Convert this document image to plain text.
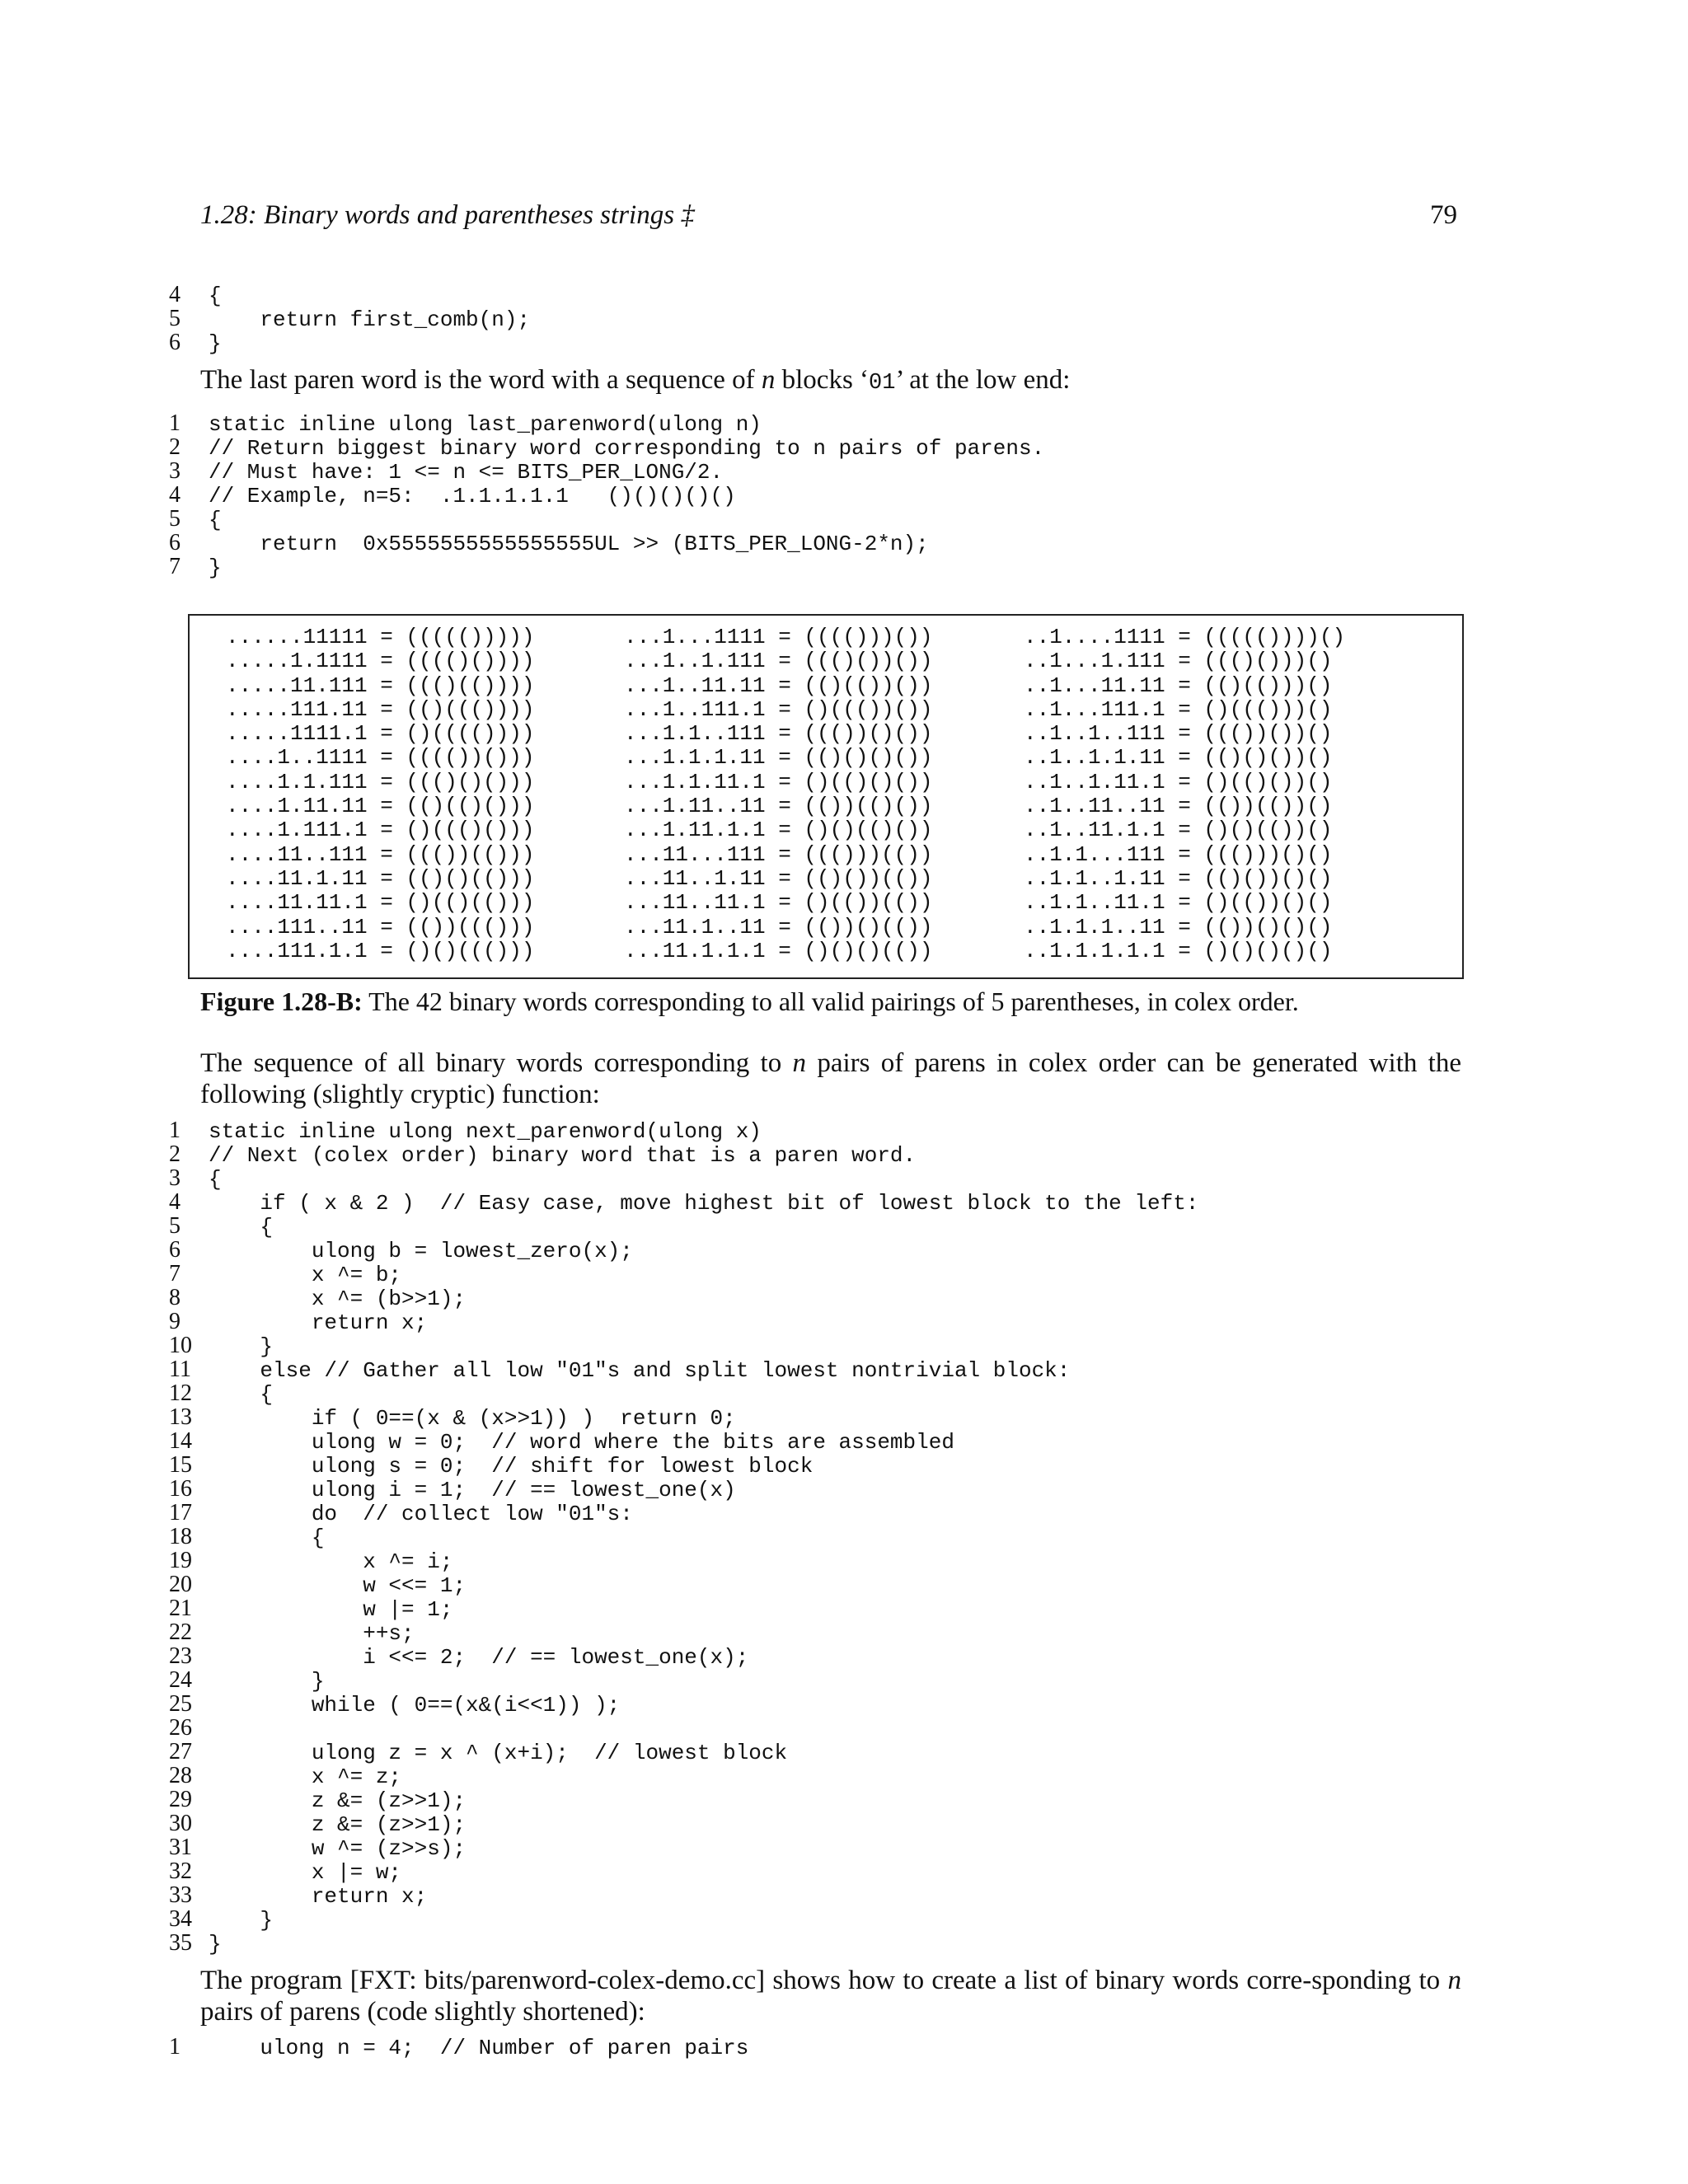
1.28: Binary words and parentheses strings ‡	79
4 {
5    return first_comb(n);
6 }
The last paren word is the word with a sequence of n blocks ‘01’ at the low end:
1 static inline ulong last_parenword(ulong n)
2 // Return biggest binary word corresponding to n pairs of parens.
3 // Must have: 1 <= n <= BITS_PER_LONG/2.
4 // Example, n=5:  .1.1.1.1.1   ()()()()()
5 {
6    return  0x5555555555555555UL >> (BITS_PER_LONG-2*n);
7 }
......11111 = ((((()))))
.....1.1111 = (((()())))
.....11.111 = ((()(())))
.....111.11 = (()((())))
.....1111.1 = ()(((())))
....1..1111 = (((())()))
....1.1.111 = ((()()()))
....1.11.11 = (()(()()))
....1.111.1 = ()((()()))
....11..111 = ((())(()))
....11.1.11 = (()()(()))
....11.11.1 = ()(()(()))
....111..11 = (())((()))
....111.1.1 = ()()((()))
...1...1111 = (((()))())
...1..1.111 = ((()())())
...1..11.11 = (()(())())
...1..111.1 = ()((())())
...1.1..111 = ((())()())
...1.1.1.11 = (()()()())
...1.1.11.1 = ()(()()())
...1.11..11 = (())(()())
...1.11.1.1 = ()()(()())
...11...111 = ((()))(())
...11..1.11 = (()())(())
...11..11.1 = ()(())(())
...11.1..11 = (())()(())
...11.1.1.1 = ()()()(())
..1....1111 = ((((())))()
..1...1.111 = ((()()))()
..1...11.11 = (()(()))()
..1...111.1 = ()((()))()
..1..1..111 = ((())())()
..1..1.1.11 = (()()())()
..1..1.11.1 = ()(()())()
..1..11..11 = (())(())()
..1..11.1.1 = ()()(())()
..1.1...111 = ((()))()()
..1.1..1.11 = (()())()()
..1.1..11.1 = ()(())()()
..1.1.1..11 = (())()()()
..1.1.1.1.1 = ()()()()()
Figure 1.28-B: The 42 binary words corresponding to all valid pairings of 5 parentheses, in colex order.
The sequence of all binary words corresponding to n pairs of parens in colex order can be generated with the following (slightly cryptic) function:
1 static inline ulong next_parenword(ulong x)
2 // Next (colex order) binary word that is a paren word.
3 {
4    if ( x & 2 )  // Easy case, move highest bit of lowest block to the left:
5    {
6        ulong b = lowest_zero(x);
7        x ^= b;
8        x ^= (b>>1);
9        return x;
10    }
11    else // Gather all low "01"s and split lowest nontrivial block:
12    {
13        if ( 0==(x & (x>>1)) )  return 0;
14        ulong w = 0;  // word where the bits are assembled
15        ulong s = 0;  // shift for lowest block
16        ulong i = 1;  // == lowest_one(x)
17        do  // collect low "01"s:
18        {
19            x ^= i;
20            w <<= 1;
21            w |= 1;
22            ++s;
23            i <<= 2;  // == lowest_one(x);
24        }
25        while ( 0==(x&(i<<1)) );
26
27        ulong z = x ^ (x+i);  // lowest block
28        x ^= z;
29        z &= (z>>1);
30        z &= (z>>1);
31        w ^= (z>>s);
32        x |= w;
33        return x;
34    }
35 }
The program [FXT: bits/parenword-colex-demo.cc] shows how to create a list of binary words corre-sponding to n pairs of parens (code slightly shortened):
1    ulong n = 4;  // Number of paren pairs
